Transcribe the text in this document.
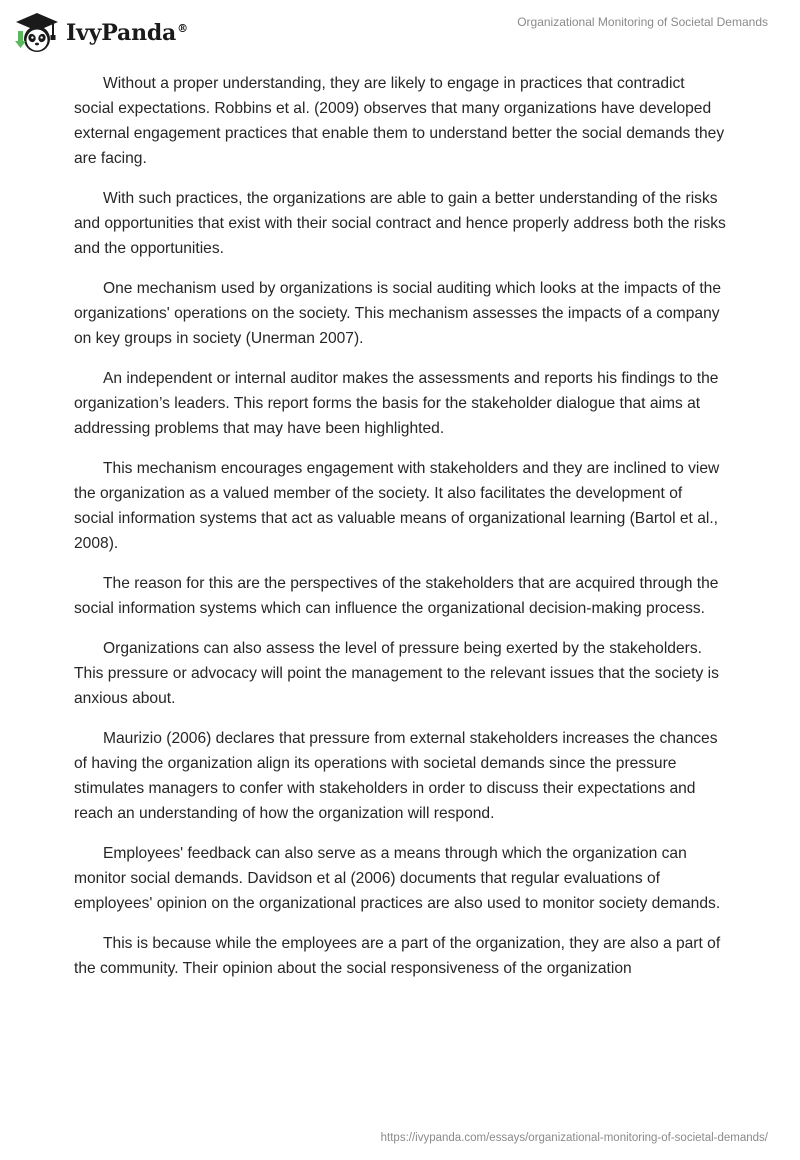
IvyPanda®	Organizational Monitoring of Societal Demands

Without a proper understanding, they are likely to engage in practices that contradict social expectations. Robbins et al. (2009) observes that many organizations have developed external engagement practices that enable them to understand better the social demands they are facing.

With such practices, the organizations are able to gain a better understanding of the risks and opportunities that exist with their social contract and hence properly address both the risks and the opportunities.

One mechanism used by organizations is social auditing which looks at the impacts of the organizations' operations on the society. This mechanism assesses the impacts of a company on key groups in society (Unerman 2007).

An independent or internal auditor makes the assessments and reports his findings to the organization’s leaders. This report forms the basis for the stakeholder dialogue that aims at addressing problems that may have been highlighted.

This mechanism encourages engagement with stakeholders and they are inclined to view the organization as a valued member of the society. It also facilitates the development of social information systems that act as valuable means of organizational learning (Bartol et al., 2008).

The reason for this are the perspectives of the stakeholders that are acquired through the social information systems which can influence the organizational decision-making process.

Organizations can also assess the level of pressure being exerted by the stakeholders. This pressure or advocacy will point the management to the relevant issues that the society is anxious about.

Maurizio (2006) declares that pressure from external stakeholders increases the chances of having the organization align its operations with societal demands since the pressure stimulates managers to confer with stakeholders in order to discuss their expectations and reach an understanding of how the organization will respond.

Employees' feedback can also serve as a means through which the organization can monitor social demands. Davidson et al (2006) documents that regular evaluations of employees' opinion on the organizational practices are also used to monitor society demands.

This is because while the employees are a part of the organization, they are also a part of the community. Their opinion about the social responsiveness of the organization

https://ivypanda.com/essays/organizational-monitoring-of-societal-demands/
